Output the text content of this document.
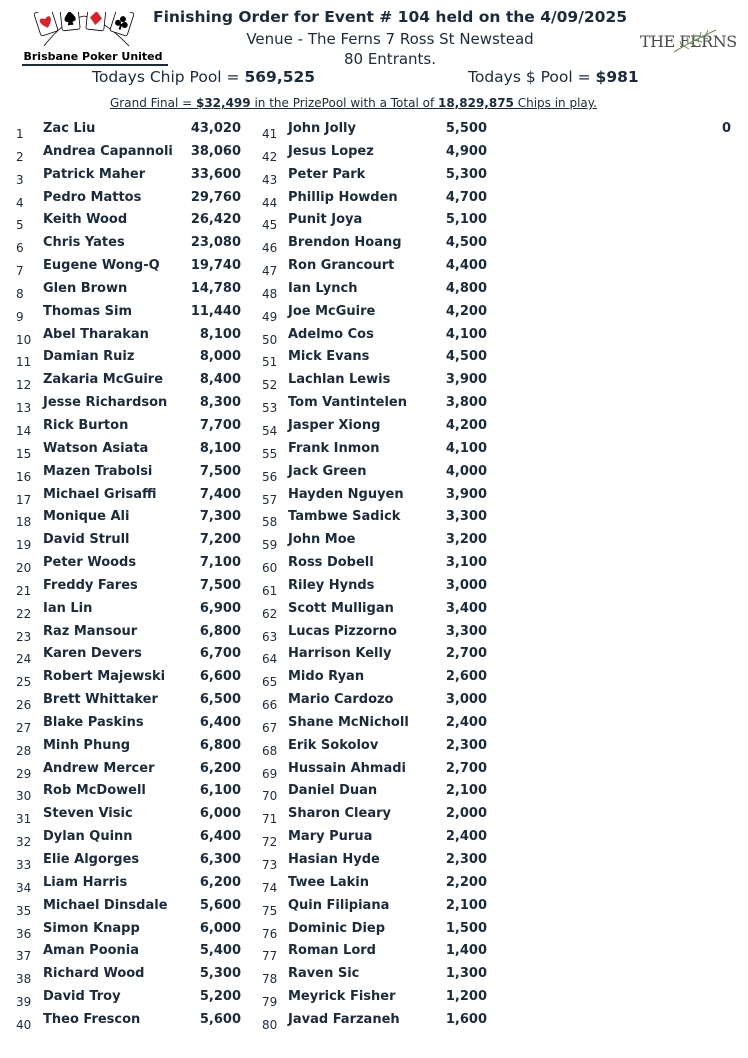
Brisbane Poker United
THE FERNS
Finishing Order for Event # 104 held on the 4/09/2025
Venue - The Ferns 7 Ross St Newstead
80 Entrants.
Todays Chip Pool = 569,525	Todays $ Pool = $981
Grand Final = $32,499 in the PrizePool with a Total of 18,829,875 Chips in play.
1	Zac Liu	43,020
2	Andrea Capannoli	38,060
3	Patrick Maher	33,600
4	Pedro Mattos	29,760
5	Keith Wood	26,420
6	Chris Yates	23,080
7	Eugene Wong-Q	19,740
8	Glen Brown	14,780
9	Thomas Sim	11,440
10 Abel Tharakan	8,100
11 Damian Ruiz	8,000
12 Zakaria McGuire	8,400
13 Jesse Richardson	8,300
14 Rick Burton	7,700
15 Watson Asiata	8,100
16 Mazen Trabolsi	7,500
17 Michael Grisaffi	7,400
18 Monique Ali	7,300
19 David Strull	7,200
20 Peter Woods	7,100
21 Freddy Fares	7,500
22 Ian Lin	6,900
23 Raz Mansour	6,800
24 Karen Devers	6,700
25 Robert Majewski	6,600
26 Brett Whittaker	6,500
27 Blake Paskins	6,400
28 Minh Phung	6,800
29 Andrew Mercer	6,200
30 Rob McDowell	6,100
31 Steven Visic	6,000
32 Dylan Quinn	6,400
33 Elie Algorges	6,300
34 Liam Harris	6,200
35 Michael Dinsdale	5,600
36 Simon Knapp	6,000
37 Aman Poonia	5,400
38 Richard Wood	5,300
39 David Troy	5,200
40 Theo Frescon	5,600
41 John Jolly	5,500
42 Jesus Lopez	4,900
43 Peter Park	5,300
44 Phillip Howden	4,700
45 Punit Joya	5,100
46 Brendon Hoang	4,500
47 Ron Grancourt	4,400
48 Ian Lynch	4,800
49 Joe McGuire	4,200
50 Adelmo Cos	4,100
51 Mick Evans	4,500
52 Lachlan Lewis	3,900
53 Tom Vantintelen	3,800
54 Jasper Xiong	4,200
55 Frank Inmon	4,100
56 Jack Green	4,000
57 Hayden Nguyen	3,900
58 Tambwe Sadick	3,300
59 John Moe	3,200
60 Ross Dobell	3,100
61 Riley Hynds	3,000
62 Scott Mulligan	3,400
63 Lucas Pizzorno	3,300
64 Harrison Kelly	2,700
65 Mido Ryan	2,600
66 Mario Cardozo	3,000
67 Shane McNicholl	2,400
68 Erik Sokolov	2,300
69 Hussain Ahmadi	2,700
70 Daniel Duan	2,100
71 Sharon Cleary	2,000
72 Mary Purua	2,400
73 Hasian Hyde	2,300
74 Twee Lakin	2,200
75 Quin Filipiana	2,100
76 Dominic Diep	1,500
77 Roman Lord	1,400
78 Raven Sic	1,300
79 Meyrick Fisher	1,200
80 Javad Farzaneh	1,600
0
